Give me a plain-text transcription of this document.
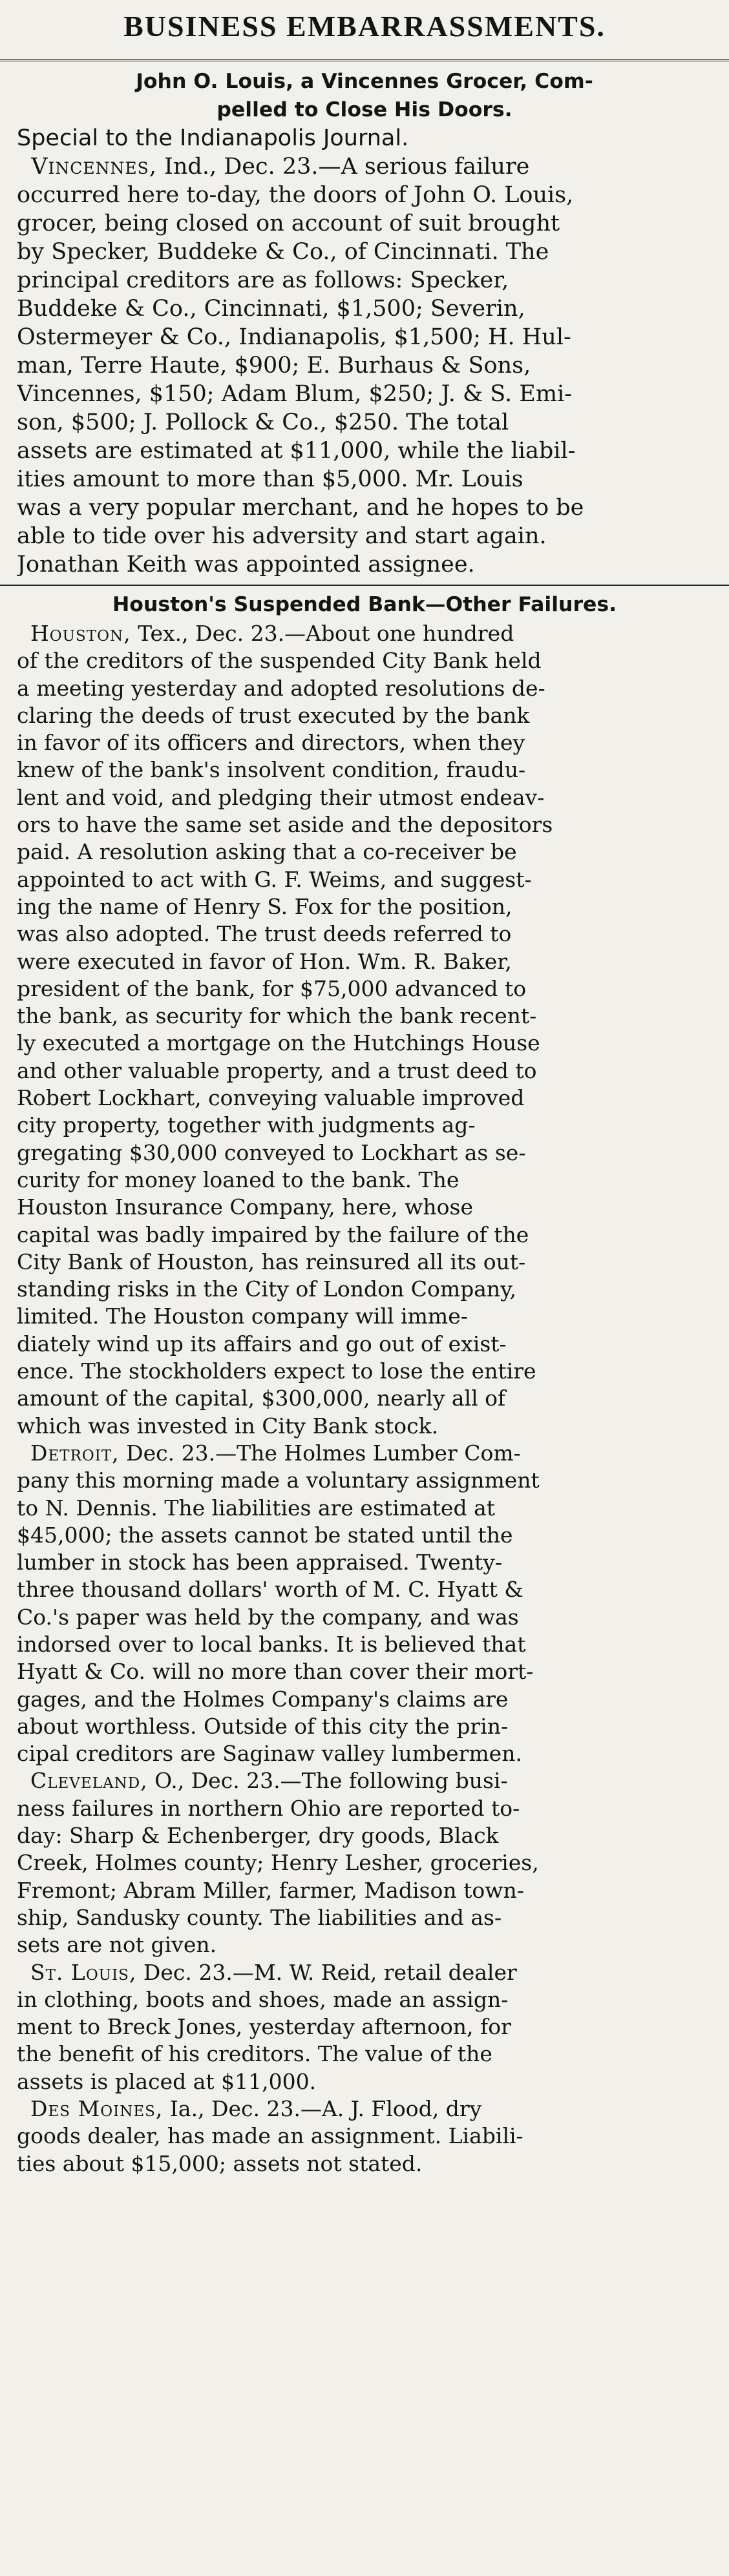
BUSINESS EMBARRASSMENTS.
John O. Louis, a Vincennes Grocer, Com-
pelled to Close His Doors.
Special to the Indianapolis Journal.
Vincennes, Ind., Dec. 23.—A serious failure
occurred here to-day, the doors of John O. Louis,
grocer, being closed on account of suit brought
by Specker, Buddeke & Co., of Cincinnati. The
principal creditors are as follows: Specker,
Buddeke & Co., Cincinnati, $1,500; Severin,
Ostermeyer & Co., Indianapolis, $1,500; H. Hul-
man, Terre Haute, $900; E. Burhaus & Sons,
Vincennes, $150; Adam Blum, $250; J. & S. Emi-
son, $500; J. Pollock & Co., $250. The total
assets are estimated at $11,000, while the liabil-
ities amount to more than $5,000. Mr. Louis
was a very popular merchant, and he hopes to be
able to tide over his adversity and start again.
Jonathan Keith was appointed assignee.
Houston's Suspended Bank—Other Failures.
Houston, Tex., Dec. 23.—About one hundred
of the creditors of the suspended City Bank held
a meeting yesterday and adopted resolutions de-
claring the deeds of trust executed by the bank
in favor of its officers and directors, when they
knew of the bank's insolvent condition, fraudu-
lent and void, and pledging their utmost endeav-
ors to have the same set aside and the depositors
paid. A resolution asking that a co-receiver be
appointed to act with G. F. Weims, and suggest-
ing the name of Henry S. Fox for the position,
was also adopted. The trust deeds referred to
were executed in favor of Hon. Wm. R. Baker,
president of the bank, for $75,000 advanced to
the bank, as security for which the bank recent-
ly executed a mortgage on the Hutchings House
and other valuable property, and a trust deed to
Robert Lockhart, conveying valuable improved
city property, together with judgments ag-
gregating $30,000 conveyed to Lockhart as se-
curity for money loaned to the bank. The
Houston Insurance Company, here, whose
capital was badly impaired by the failure of the
City Bank of Houston, has reinsured all its out-
standing risks in the City of London Company,
limited. The Houston company will imme-
diately wind up its affairs and go out of exist-
ence. The stockholders expect to lose the entire
amount of the capital, $300,000, nearly all of
which was invested in City Bank stock.
Detroit, Dec. 23.—The Holmes Lumber Com-
pany this morning made a voluntary assignment
to N. Dennis. The liabilities are estimated at
$45,000; the assets cannot be stated until the
lumber in stock has been appraised. Twenty-
three thousand dollars' worth of M. C. Hyatt &
Co.'s paper was held by the company, and was
indorsed over to local banks. It is believed that
Hyatt & Co. will no more than cover their mort-
gages, and the Holmes Company's claims are
about worthless. Outside of this city the prin-
cipal creditors are Saginaw valley lumbermen.
Cleveland, O., Dec. 23.—The following busi-
ness failures in northern Ohio are reported to-
day: Sharp & Echenberger, dry goods, Black
Creek, Holmes county; Henry Lesher, groceries,
Fremont; Abram Miller, farmer, Madison town-
ship, Sandusky county. The liabilities and as-
sets are not given.
St. Louis, Dec. 23.—M. W. Reid, retail dealer
in clothing, boots and shoes, made an assign-
ment to Breck Jones, yesterday afternoon, for
the benefit of his creditors. The value of the
assets is placed at $11,000.
Des Moines, Ia., Dec. 23.—A. J. Flood, dry
goods dealer, has made an assignment. Liabili-
ties about $15,000; assets not stated.
